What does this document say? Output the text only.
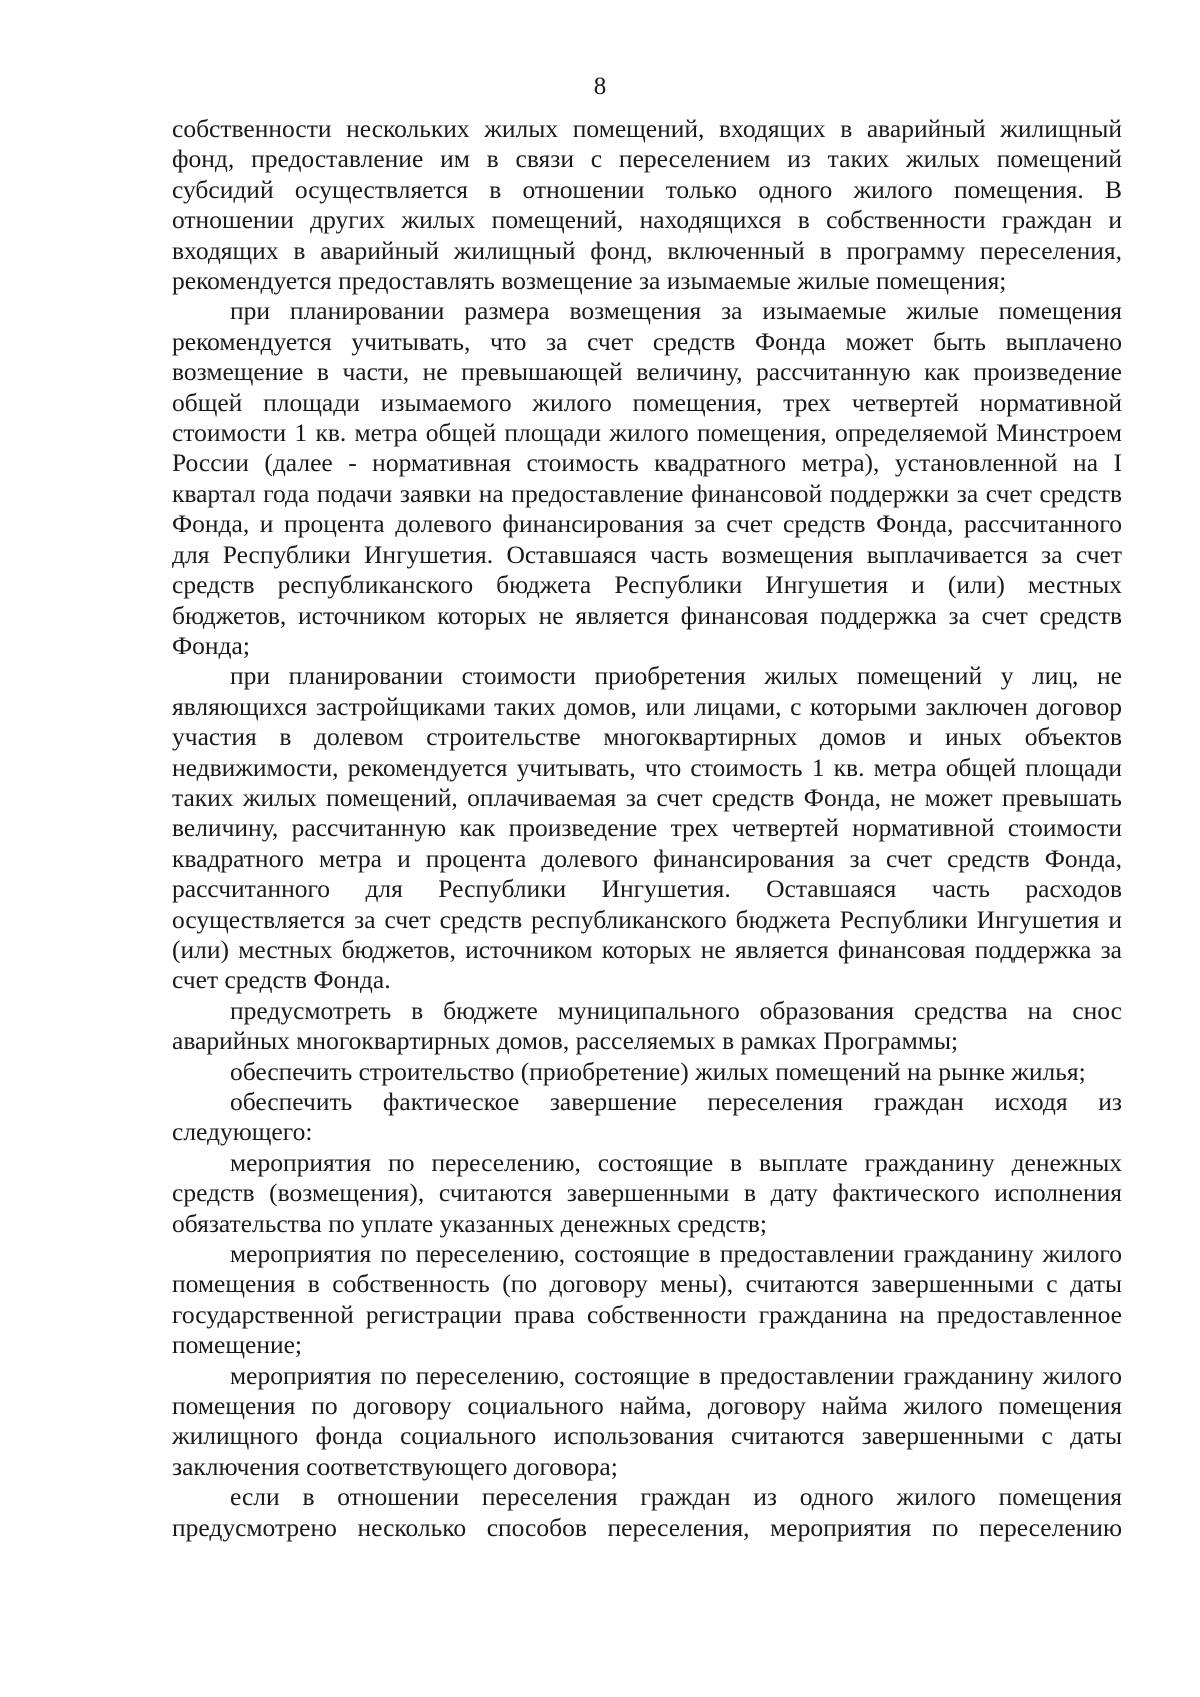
8

собственности нескольких жилых помещений, входящих в аварийный жилищный фонд, предоставление им в связи с переселением из таких жилых помещений субсидий осуществляется в отношении только одного жилого помещения. В отношении других жилых помещений, находящихся в собственности граждан и входящих в аварийный жилищный фонд, включенный в программу переселения, рекомендуется предоставлять возмещение за изымаемые жилые помещения;

при планировании размера возмещения за изымаемые жилые помещения рекомендуется учитывать, что за счет средств Фонда может быть выплачено возмещение в части, не превышающей величину, рассчитанную как произведение общей площади изымаемого жилого помещения, трех четвертей нормативной стоимости 1 кв. метра общей площади жилого помещения, определяемой Минстроем России (далее - нормативная стоимость квадратного метра), установленной на I квартал года подачи заявки на предоставление финансовой поддержки за счет средств Фонда, и процента долевого финансирования за счет средств Фонда, рассчитанного для Республики Ингушетия. Оставшаяся часть возмещения выплачивается за счет средств республиканского бюджета Республики Ингушетия и (или) местных бюджетов, источником которых не является финансовая поддержка за счет средств Фонда;

при планировании стоимости приобретения жилых помещений у лиц, не являющихся застройщиками таких домов, или лицами, с которыми заключен договор участия в долевом строительстве многоквартирных домов и иных объектов недвижимости, рекомендуется учитывать, что стоимость 1 кв. метра общей площади таких жилых помещений, оплачиваемая за счет средств Фонда, не может превышать величину, рассчитанную как произведение трех четвертей нормативной стоимости квадратного метра и процента долевого финансирования за счет средств Фонда, рассчитанного для Республики Ингушетия. Оставшаяся часть расходов осуществляется за счет средств республиканского бюджета Республики Ингушетия и (или) местных бюджетов, источником которых не является финансовая поддержка за счет средств Фонда.

предусмотреть в бюджете муниципального образования средства на снос аварийных многоквартирных домов, расселяемых в рамках Программы;

обеспечить строительство (приобретение) жилых помещений на рынке жилья;

обеспечить фактическое завершение переселения граждан исходя из следующего:

мероприятия по переселению, состоящие в выплате гражданину денежных средств (возмещения), считаются завершенными в дату фактического исполнения обязательства по уплате указанных денежных средств;

мероприятия по переселению, состоящие в предоставлении гражданину жилого помещения в собственность (по договору мены), считаются завершенными с даты государственной регистрации права собственности гражданина на предоставленное помещение;

мероприятия по переселению, состоящие в предоставлении гражданину жилого помещения по договору социального найма, договору найма жилого помещения жилищного фонда социального использования считаются завершенными с даты заключения соответствующего договора;

если в отношении переселения граждан из одного жилого помещения предусмотрено несколько способов переселения, мероприятия по переселению
